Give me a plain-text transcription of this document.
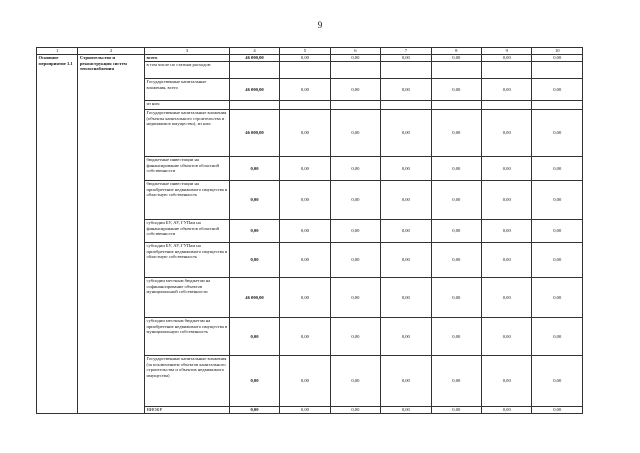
9
1	2	3	4	5	6	7	8	9	10
Основное мероприятие 1.1	Строительство и реконструкция систем теплоснабжения	всего	46 000,00	0,00	0,00	0,00	0,00	0,00	0,00
		в том числе по статьям расходов:							
		Государственные капитальные вложения, всего	46 000,00	0,00	0,00	0,00	0,00	0,00	0,00
		из них:							
		Государственные капитальные вложения (объекты капитального строительства и недвижимое имущество), из них:	46 000,00	0,00	0,00	0,00	0,00	0,00	0,00
		бюджетные инвестиции на финансирование объектов областной собственности	0,00	0,00	0,00	0,00	0,00	0,00	0,00
		бюджетные инвестиции на приобретение недвижимого имущества в областную собственность	0,00	0,00	0,00	0,00	0,00	0,00	0,00
		субсидии БУ, АУ, ГУПам на финансирование объектов областной собственности	0,00	0,00	0,00	0,00	0,00	0,00	0,00
		субсидии БУ, АУ, ГУПам на приобретение недвижимого имущества в областную собственность	0,00	0,00	0,00	0,00	0,00	0,00	0,00
		субсидии местным бюджетам на софинансирование объектов муниципальной собственности	46 000,00	0,00	0,00	0,00	0,00	0,00	0,00
		субсидии местным бюджетам на приобретение недвижимого имущества в муниципальную собственность	0,00	0,00	0,00	0,00	0,00	0,00	0,00
		Государственные капитальные вложения (за исключением объектов капитального строительства и объектов недвижимого имущества)	0,00	0,00	0,00	0,00	0,00	0,00	0,00
		НИОКР	0,00	0,00	0,00	0,00	0,00	0,00	0,00
